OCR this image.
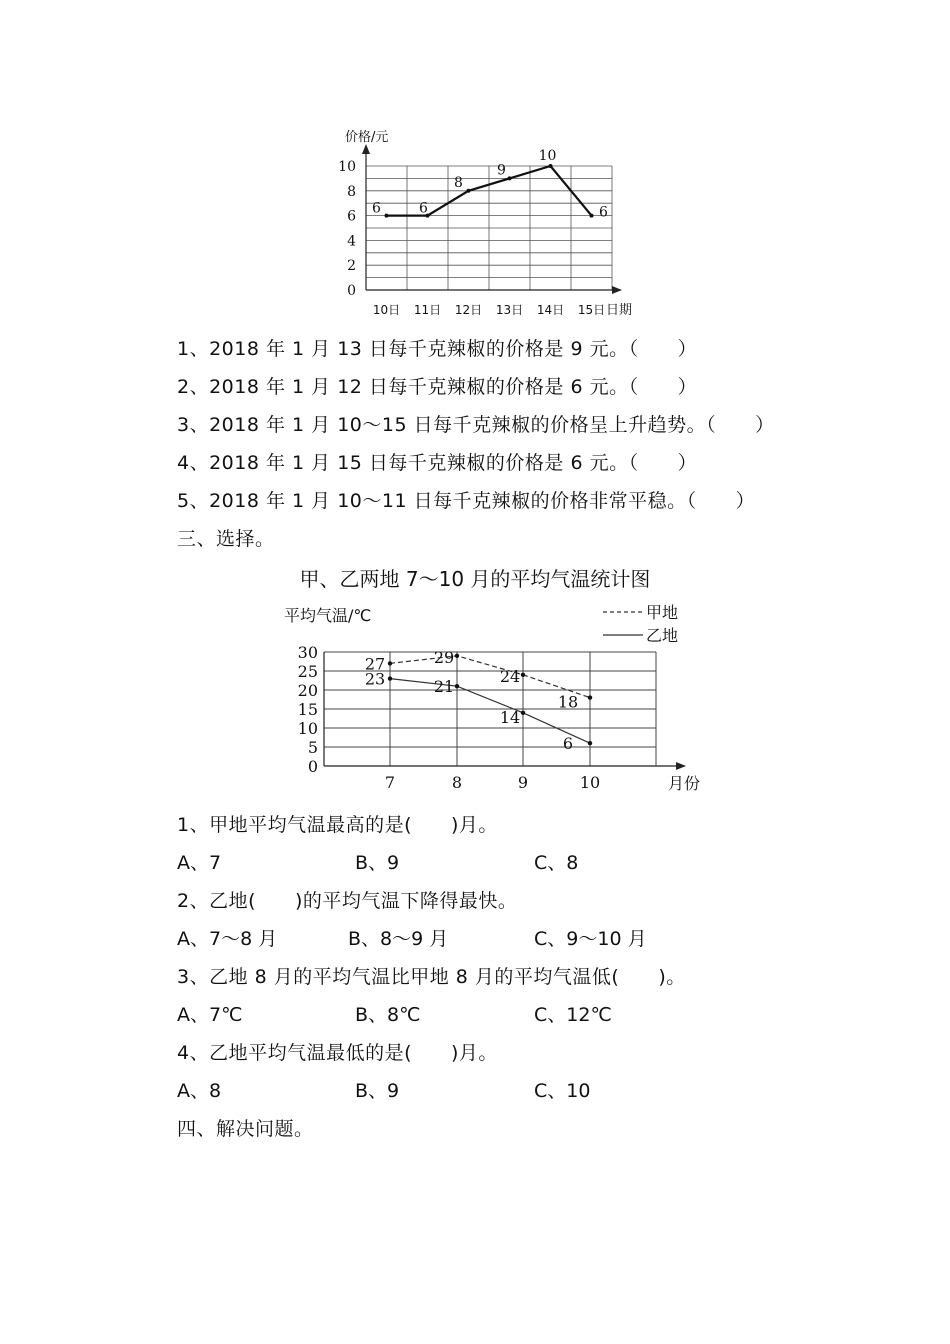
0
2
4
6
8
10
10日 11日 12日 13日 14日 15日
6	6
8
9
10
6
价格/元
日期
1、2018 年 1 月 13 日每千克辣椒的价格是 9 元。（　　）
2、2018 年 1 月 12 日每千克辣椒的价格是 6 元。（　　）
3、2018 年 1 月 10～15 日每千克辣椒的价格呈上升趋势。（　　）
4、2018 年 1 月 15 日每千克辣椒的价格是 6 元。（　　）
5、2018 年 1 月 10～11 日每千克辣椒的价格非常平稳。（　　）
三、选择。
甲、乙两地 7～10 月的平均气温统计图
0
5
10
15
20
25
30
7	8	9	10
27	29
24
18
23	21
14
6
平均气温/℃
月份
甲地
乙地
1、甲地平均气温最高的是(　　)月。
A、7	B、9	C、8
2、乙地(　　)的平均气温下降得最快。
A、7～8 月	B、8～9 月	C、9～10 月
3、乙地 8 月的平均气温比甲地 8 月的平均气温低(　　)。
A、7℃	B、8℃	C、12℃
4、乙地平均气温最低的是(　　)月。
A、8	B、9	C、10
四、解决问题。
